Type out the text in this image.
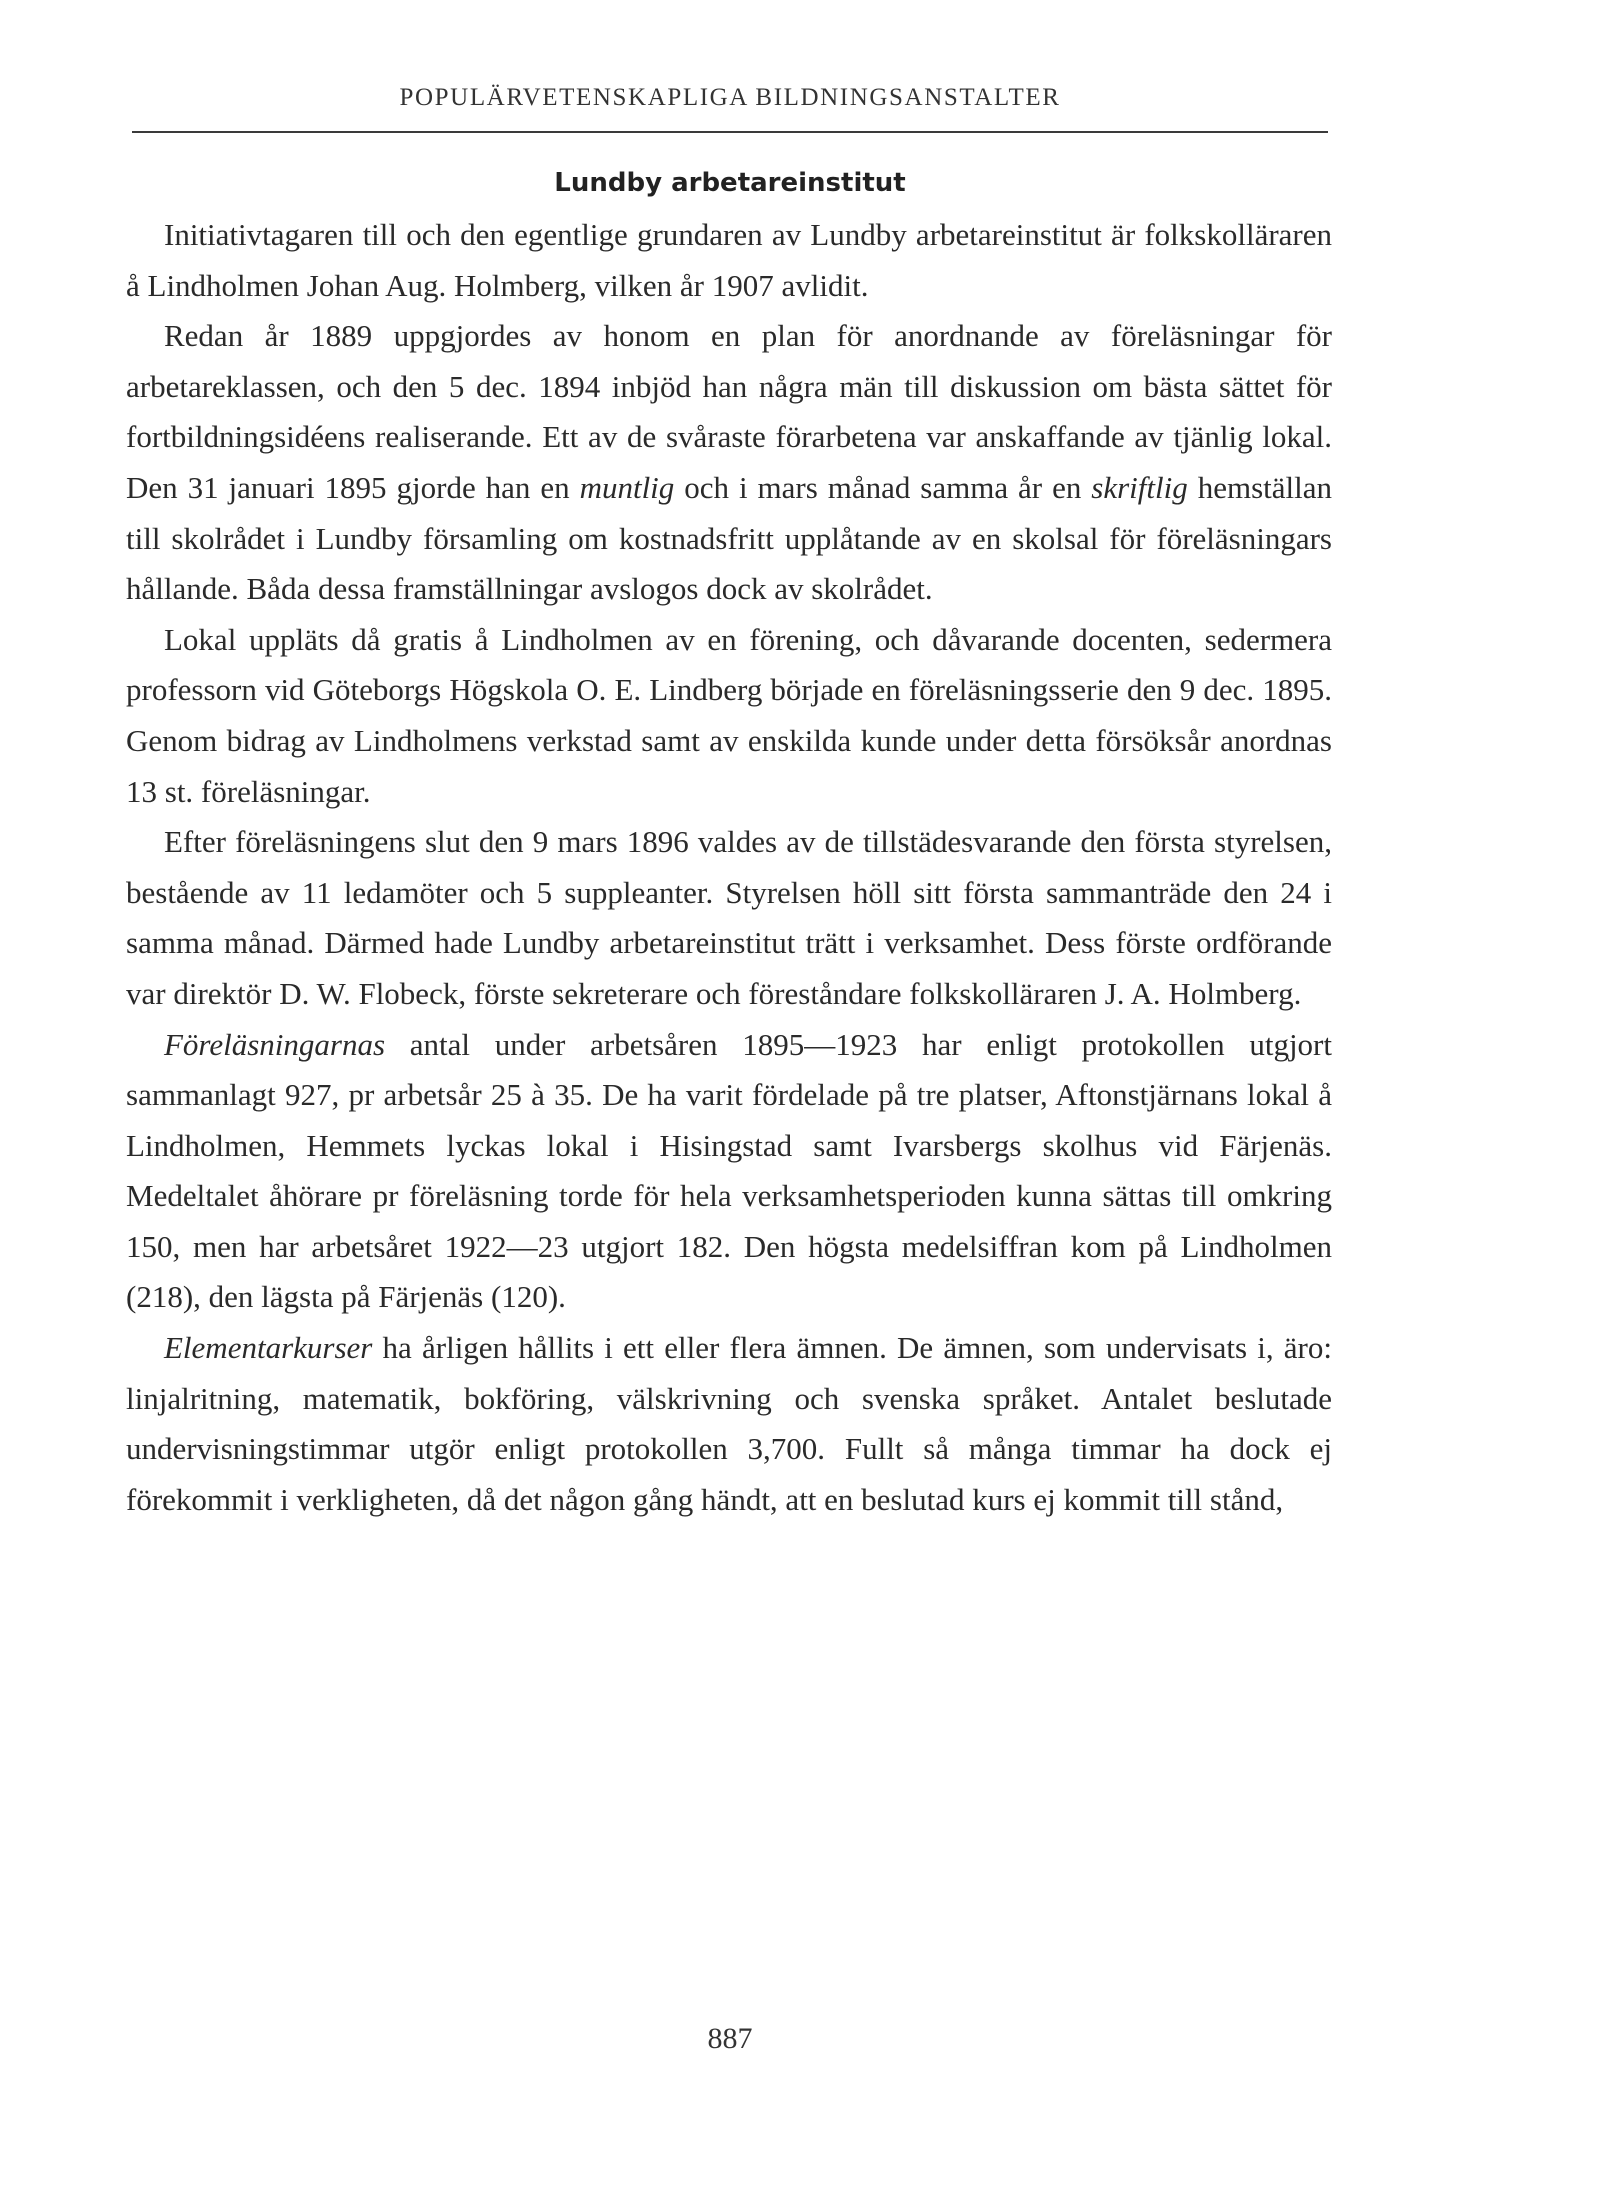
POPULÄRVETENSKAPLIGA BILDNINGSANSTALTER
Lundby arbetareinstitut

Initiativtagaren till och den egentlige grundaren av Lundby arbetareinstitut är folkskolläraren å Lindholmen Johan Aug. Holmberg, vilken år 1907 avlidit.

Redan år 1889 uppgjordes av honom en plan för anordnande av föreläsningar för arbetareklassen, och den 5 dec. 1894 inbjöd han några män till diskussion om bästa sättet för fortbildningsidéens realiserande. Ett av de svåraste förarbetena var anskaffande av tjänlig lokal. Den 31 januari 1895 gjorde han en muntlig och i mars månad samma år en skriftlig hemställan till skolrådet i Lundby församling om kostnadsfritt upplåtande av en skolsal för föreläsningars hållande. Båda dessa framställningar avslogos dock av skolrådet.

Lokal uppläts då gratis å Lindholmen av en förening, och dåvarande docenten, sedermera professorn vid Göteborgs Högskola O. E. Lindberg började en föreläsningsserie den 9 dec. 1895. Genom bidrag av Lindholmens verkstad samt av enskilda kunde under detta försöksår anordnas 13 st. föreläsningar.

Efter föreläsningens slut den 9 mars 1896 valdes av de tillstädesvarande den första styrelsen, bestående av 11 ledamöter och 5 suppleanter. Styrelsen höll sitt första sammanträde den 24 i samma månad. Därmed hade Lundby arbetareinstitut trätt i verksamhet. Dess förste ordförande var direktör D. W. Flobeck, förste sekreterare och föreståndare folkskolläraren J. A. Holmberg.

Föreläsningarnas antal under arbetsåren 1895—1923 har enligt protokollen utgjort sammanlagt 927, pr arbetsår 25 à 35. De ha varit fördelade på tre platser, Aftonstjärnans lokal å Lindholmen, Hemmets lyckas lokal i Hisingstad samt Ivarsbergs skolhus vid Färjenäs. Medeltalet åhörare pr föreläsning torde för hela verksamhetsperioden kunna sättas till omkring 150, men har arbetsåret 1922—23 utgjort 182. Den högsta medelsiffran kom på Lindholmen (218), den lägsta på Färjenäs (120).

Elementarkurser ha årligen hållits i ett eller flera ämnen. De ämnen, som undervisats i, äro: linjalritning, matematik, bokföring, välskrivning och svenska språket. Antalet beslutade undervisningstimmar utgör enligt protokollen 3,700. Fullt så många timmar ha dock ej förekommit i verkligheten, då det någon gång händt, att en beslutad kurs ej kommit till stånd,

887
